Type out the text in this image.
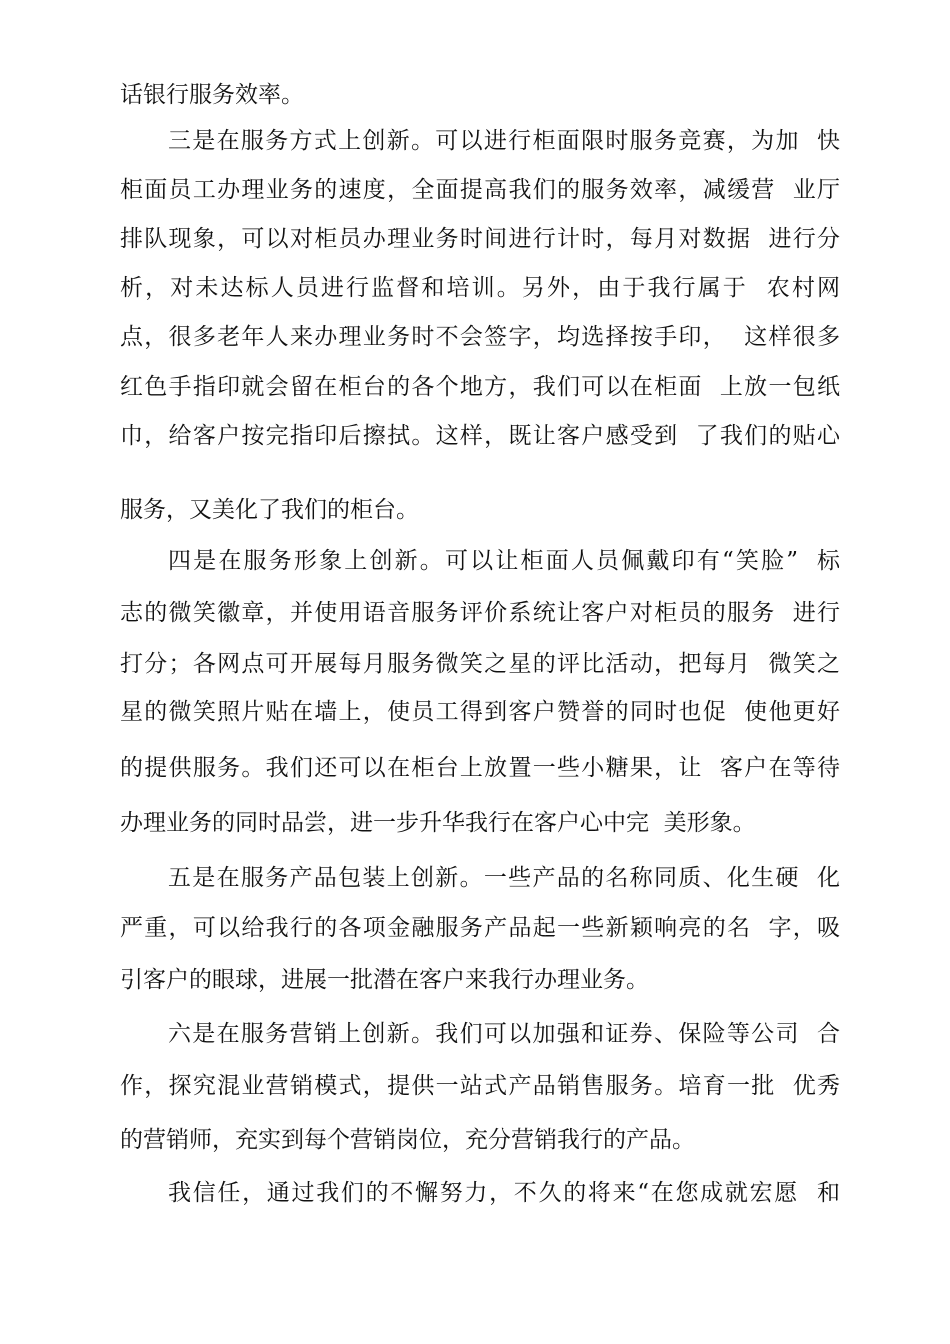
话银行服务效率。
三是在服务方式上创新。可以进行柜面限时服务竞赛，为加  快
柜面员工办理业务的速度，全面提高我们的服务效率，减缓营  业厅
排队现象，可以对柜员办理业务时间进行计时，每月对数据  进行分
析，对未达标人员进行监督和培训。另外，由于我行属于  农村网
点，很多老年人来办理业务时不会签字，均选择按手印，  这样很多
红色手指印就会留在柜台的各个地方，我们可以在柜面  上放一包纸
巾，给客户按完指印后擦拭。这样，既让客户感受到  了我们的贴心
服务，又美化了我们的柜台。
四是在服务形象上创新。可以让柜面人员佩戴印有“笑脸”  标
志的微笑徽章，并使用语音服务评价系统让客户对柜员的服务  进行
打分；各网点可开展每月服务微笑之星的评比活动，把每月  微笑之
星的微笑照片贴在墙上，使员工得到客户赞誉的同时也促  使他更好
的提供服务。我们还可以在柜台上放置一些小糖果，让  客户在等待
办理业务的同时品尝，进一步升华我行在客户心中完  美形象。
五是在服务产品包装上创新。一些产品的名称同质、化生硬  化
严重，可以给我行的各项金融服务产品起一些新颖响亮的名  字，吸
引客户的眼球，进展一批潜在客户来我行办理业务。
六是在服务营销上创新。我们可以加强和证券、保险等公司  合
作，探究混业营销模式，提供一站式产品销售服务。培育一批  优秀
的营销师，充实到每个营销岗位，充分营销我行的产品。
我信任，通过我们的不懈努力，不久的将来“在您成就宏愿  和
